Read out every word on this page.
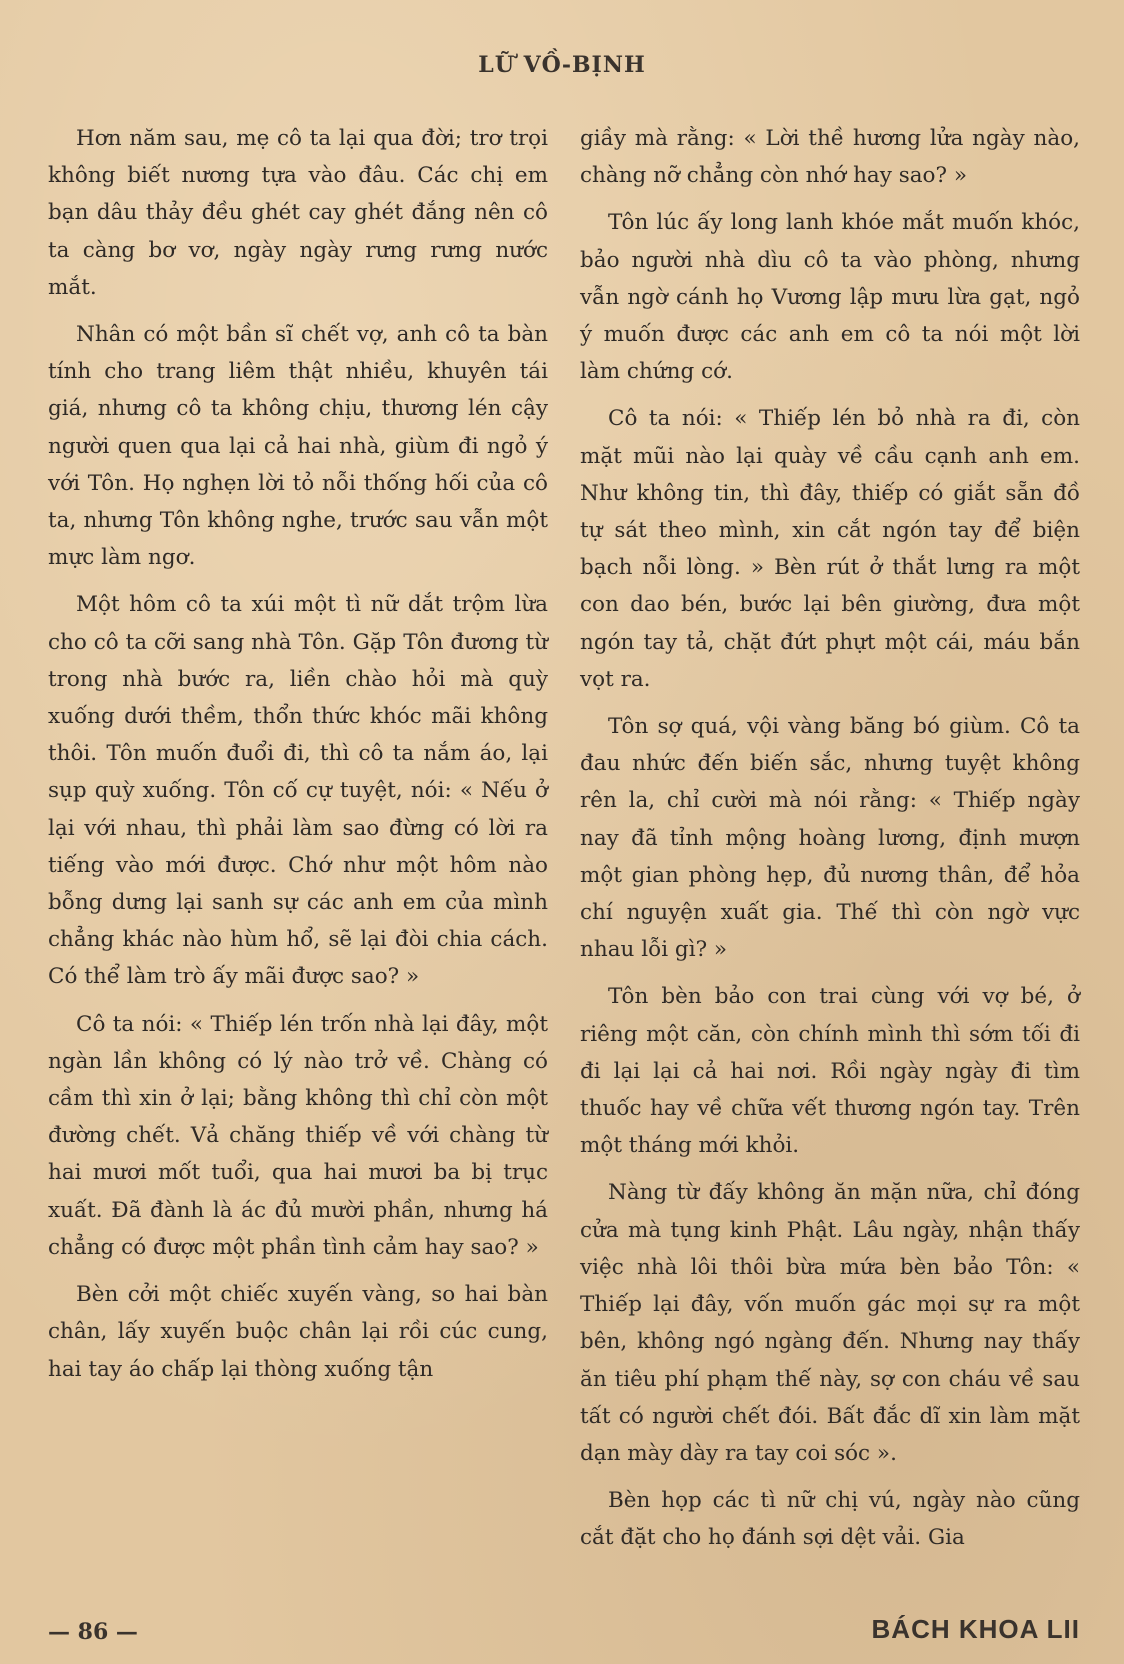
LỮ VỒ-BỊNH

Hơn năm sau, mẹ cô ta lại qua đời; trơ trọi không biết nương tựa vào đâu. Các chị em bạn dâu thảy đều ghét cay ghét đắng nên cô ta càng bơ vơ, ngày ngày rưng rưng nước mắt.

Nhân có một bần sĩ chết vợ, anh cô ta bàn tính cho trang liêm thật nhiều, khuyên tái giá, nhưng cô ta không chịu, thương lén cậy người quen qua lại cả hai nhà, giùm đi ngỏ ý với Tôn. Họ nghẹn lời tỏ nỗi thống hối của cô ta, nhưng Tôn không nghe, trước sau vẫn một mực làm ngơ.

Một hôm cô ta xúi một tì nữ dắt trộm lừa cho cô ta cỡi sang nhà Tôn. Gặp Tôn đương từ trong nhà bước ra, liền chào hỏi mà quỳ xuống dưới thềm, thổn thức khóc mãi không thôi. Tôn muốn đuổi đi, thì cô ta nắm áo, lại sụp quỳ xuống. Tôn cố cự tuyệt, nói: « Nếu ở lại với nhau, thì phải làm sao đừng có lời ra tiếng vào mới được. Chớ như một hôm nào bỗng dưng lại sanh sự các anh em của mình chẳng khác nào hùm hổ, sẽ lại đòi chia cách. Có thể làm trò ấy mãi được sao? »

Cô ta nói: « Thiếp lén trốn nhà lại đây, một ngàn lần không có lý nào trở về. Chàng có cầm thì xin ở lại; bằng không thì chỉ còn một đường chết. Vả chăng thiếp về với chàng từ hai mươi mốt tuổi, qua hai mươi ba bị trục xuất. Đã đành là ác đủ mười phần, nhưng há chẳng có được một phần tình cảm hay sao? »

Bèn cởi một chiếc xuyến vàng, so hai bàn chân, lấy xuyến buộc chân lại rồi cúc cung, hai tay áo chấp lại thòng xuống tận

giầy mà rằng: « Lời thề hương lửa ngày nào, chàng nỡ chẳng còn nhớ hay sao? »

Tôn lúc ấy long lanh khóe mắt muốn khóc, bảo người nhà dìu cô ta vào phòng, nhưng vẫn ngờ cánh họ Vương lập mưu lừa gạt, ngỏ ý muốn được các anh em cô ta nói một lời làm chứng cớ.

Cô ta nói: « Thiếp lén bỏ nhà ra đi, còn mặt mũi nào lại quày về cầu cạnh anh em. Như không tin, thì đây, thiếp có giắt sẵn đồ tự sát theo mình, xin cắt ngón tay để biện bạch nỗi lòng. » Bèn rút ở thắt lưng ra một con dao bén, bước lại bên giường, đưa một ngón tay tả, chặt đứt phựt một cái, máu bắn vọt ra.

Tôn sợ quá, vội vàng băng bó giùm. Cô ta đau nhức đến biến sắc, nhưng tuyệt không rên la, chỉ cười mà nói rằng: « Thiếp ngày nay đã tỉnh mộng hoàng lương, định mượn một gian phòng hẹp, đủ nương thân, để hỏa chí nguyện xuất gia. Thế thì còn ngờ vực nhau lỗi gì? »

Tôn bèn bảo con trai cùng với vợ bé, ở riêng một căn, còn chính mình thì sớm tối đi đi lại lại cả hai nơi. Rồi ngày ngày đi tìm thuốc hay về chữa vết thương ngón tay. Trên một tháng mới khỏi.

Nàng từ đấy không ăn mặn nữa, chỉ đóng cửa mà tụng kinh Phật. Lâu ngày, nhận thấy việc nhà lôi thôi bừa mứa bèn bảo Tôn: « Thiếp lại đây, vốn muốn gác mọi sự ra một bên, không ngó ngàng đến. Nhưng nay thấy ăn tiêu phí phạm thế này, sợ con cháu về sau tất có người chết đói. Bất đắc dĩ xin làm mặt dạn mày dày ra tay coi sóc ».

Bèn họp các tì nữ chị vú, ngày nào cũng cắt đặt cho họ đánh sợi dệt vải. Gia

— 86 —	BÁCH KHOA LII
